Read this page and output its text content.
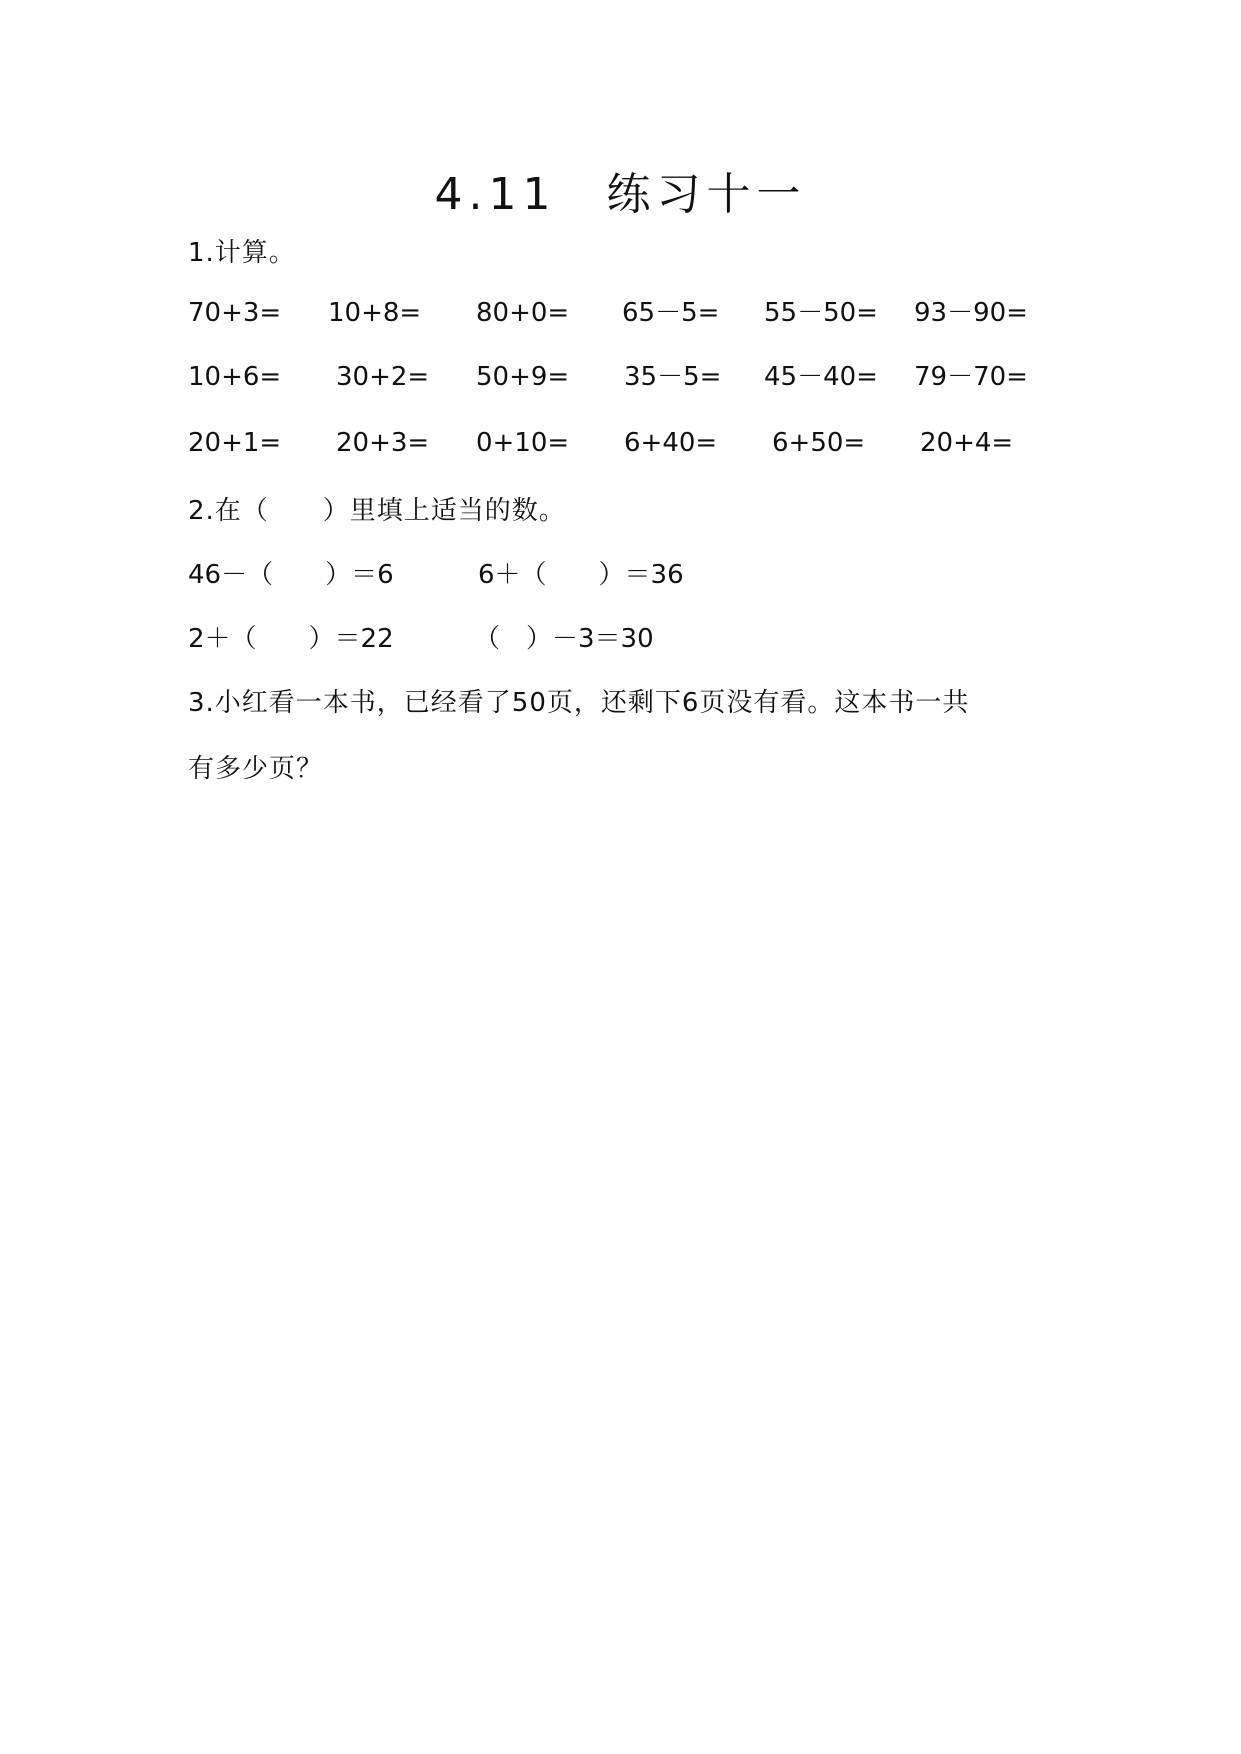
4.11　练习十一
1.计算。
70+3= 10+8= 80+0= 65－5= 55－50= 93－90=
10+6= 30+2= 50+9= 35－5= 45－40= 79－70=
20+1= 20+3= 0+10= 6+40= 6+50= 20+4=
2.在（　　）里填上适当的数。
46－（　　）＝6	6＋（　　）＝36
2＋（　　）＝22	（　）－3＝30
3.小红看一本书，已经看了50页，还剩下6页没有看。这本书一共
有多少页？
